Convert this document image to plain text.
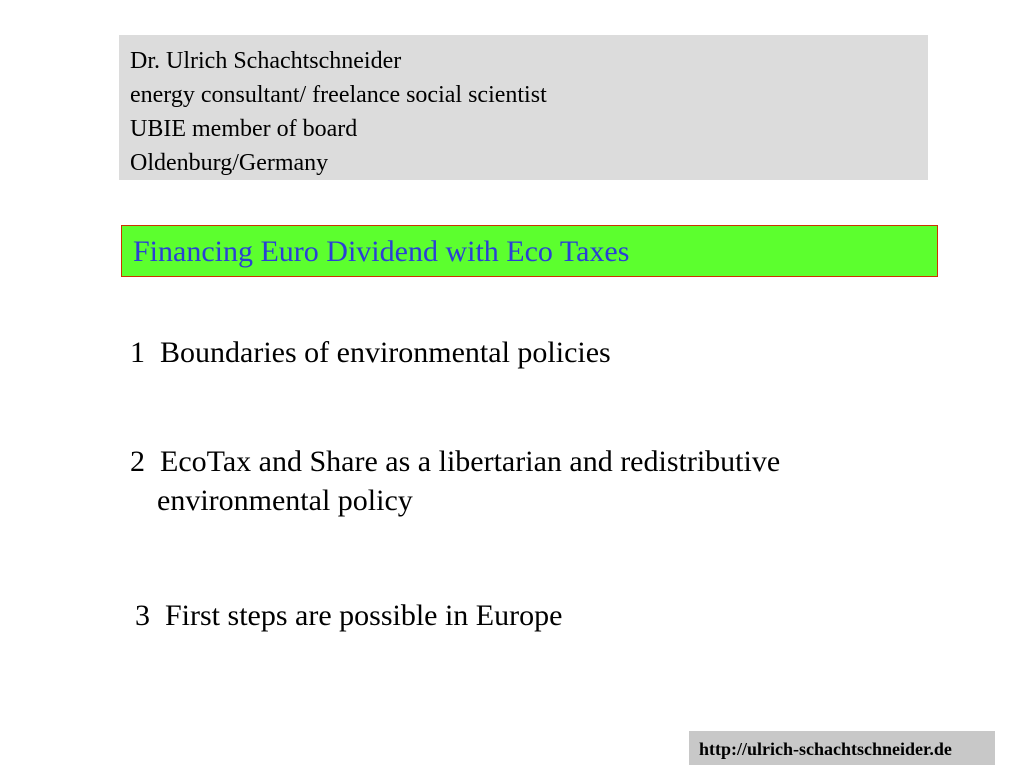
Dr. Ulrich Schachtschneider
energy consultant/ freelance social scientist
UBIE member of board
Oldenburg/Germany
Financing Euro Dividend with Eco Taxes
1  Boundaries of environmental policies
2  EcoTax and Share as a libertarian and redistributive
environmental policy
3  First steps are possible in Europe
http://ulrich-schachtschneider.de
